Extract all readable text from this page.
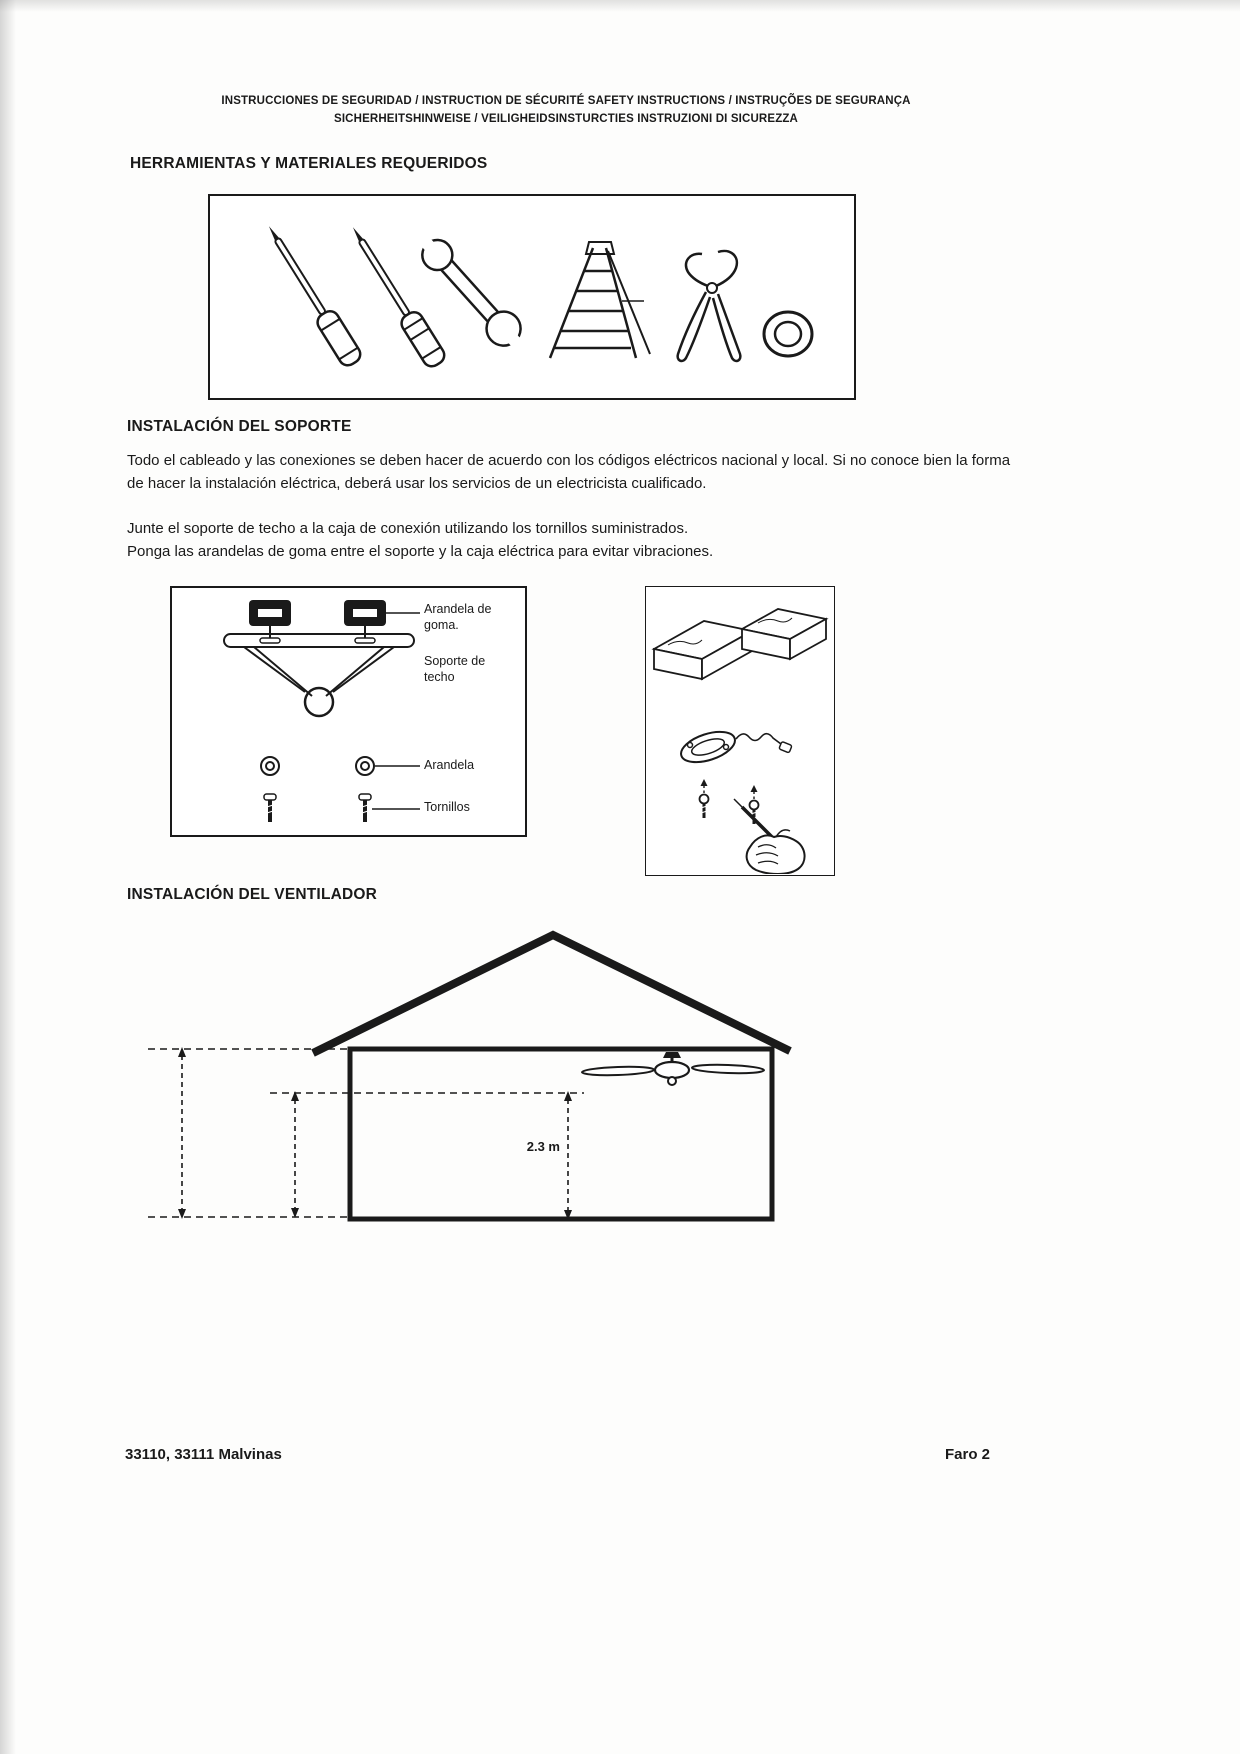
INSTRUCCIONES DE SEGURIDAD / INSTRUCTION DE SÉCURITÉ SAFETY INSTRUCTIONS / INSTRUÇÕES DE SEGURANÇA
SICHERHEITSHINWEISE / VEILIGHEIDSINSTURCTIES INSTRUZIONI DI SICUREZZA
HERRAMIENTAS Y MATERIALES REQUERIDOS
INSTALACIÓN DEL SOPORTE

Todo el cableado y las conexiones se deben hacer de acuerdo con los códigos eléctricos nacional y local. Si no conoce bien la forma de hacer la instalación eléctrica, deberá usar los servicios de un electricista cualificado.

Junte el soporte de techo a la caja de conexión utilizando los tornillos suministrados.
Ponga las arandelas de goma entre el soporte y la caja eléctrica para evitar vibraciones.
Arandela de goma.
Soporte de techo
Arandela
Tornillos
INSTALACIÓN DEL VENTILADOR
2.3 m
33110, 33111 Malvinas	Faro 2
